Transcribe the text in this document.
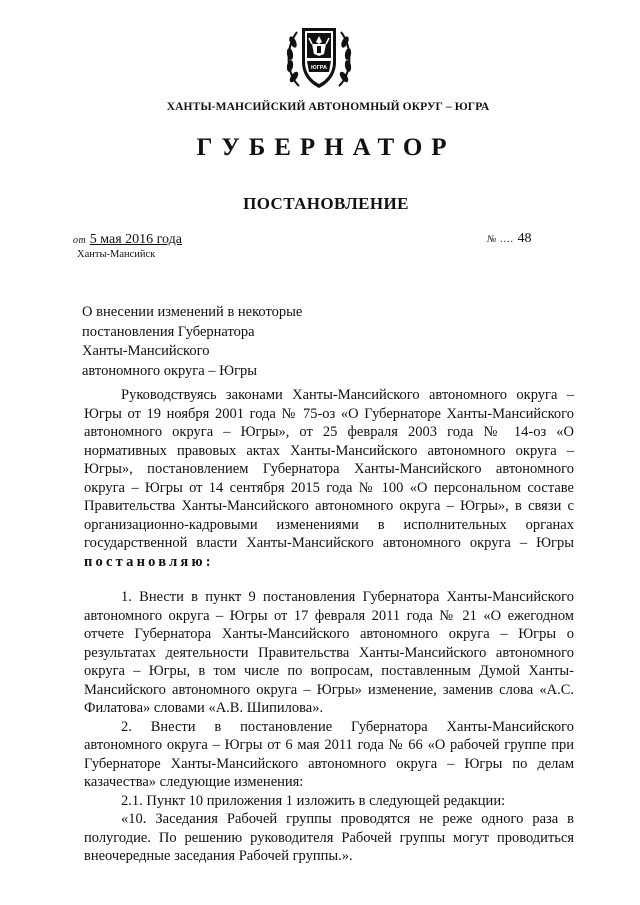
ЮГРА
ХАНТЫ-МАНСИЙСКИЙ АВТОНОМНЫЙ ОКРУГ – ЮГРА
ГУБЕРНАТОР
ПОСТАНОВЛЕНИЕ
от 5 мая 2016 года
Ханты-Мансийск
№ .... 48
О внесении изменений в некоторые
постановления Губернатора
Ханты-Мансийского
автономного округа – Югры

Руководствуясь законами Ханты-Мансийского автономного округа – Югры от 19 ноября 2001 года № 75-оз «О Губернаторе Ханты-Мансийского автономного округа – Югры», от 25 февраля 2003 года № 14-оз «О нормативных правовых актах Ханты-Мансийского автономного округа – Югры», постановлением Губернатора Ханты-Мансийского автономного округа – Югры от 14 сентября 2015 года № 100 «О персональном составе Правительства Ханты-Мансийского автономного округа – Югры», в связи с организационно-кадровыми изменениями в исполнительных органах государственной власти Ханты-Мансийского автономного округа – Югры постановляю:

1. Внести в пункт 9 постановления Губернатора Ханты-Мансийского автономного округа – Югры от 17 февраля 2011 года № 21 «О ежегодном отчете Губернатора Ханты-Мансийского автономного округа – Югры о результатах деятельности Правительства Ханты-Мансийского автономного округа – Югры, в том числе по вопросам, поставленным Думой Ханты-Мансийского автономного округа – Югры» изменение, заменив слова «А.С. Филатова» словами «А.В. Шипилова».

2. Внести в постановление Губернатора Ханты-Мансийского автономного округа – Югры от 6 мая 2011 года № 66 «О рабочей группе при Губернаторе Ханты-Мансийского автономного округа – Югры по делам казачества» следующие изменения:

2.1. Пункт 10 приложения 1 изложить в следующей редакции:

«10. Заседания Рабочей группы проводятся не реже одного раза в полугодие. По решению руководителя Рабочей группы могут проводиться внеочередные заседания Рабочей группы.».
